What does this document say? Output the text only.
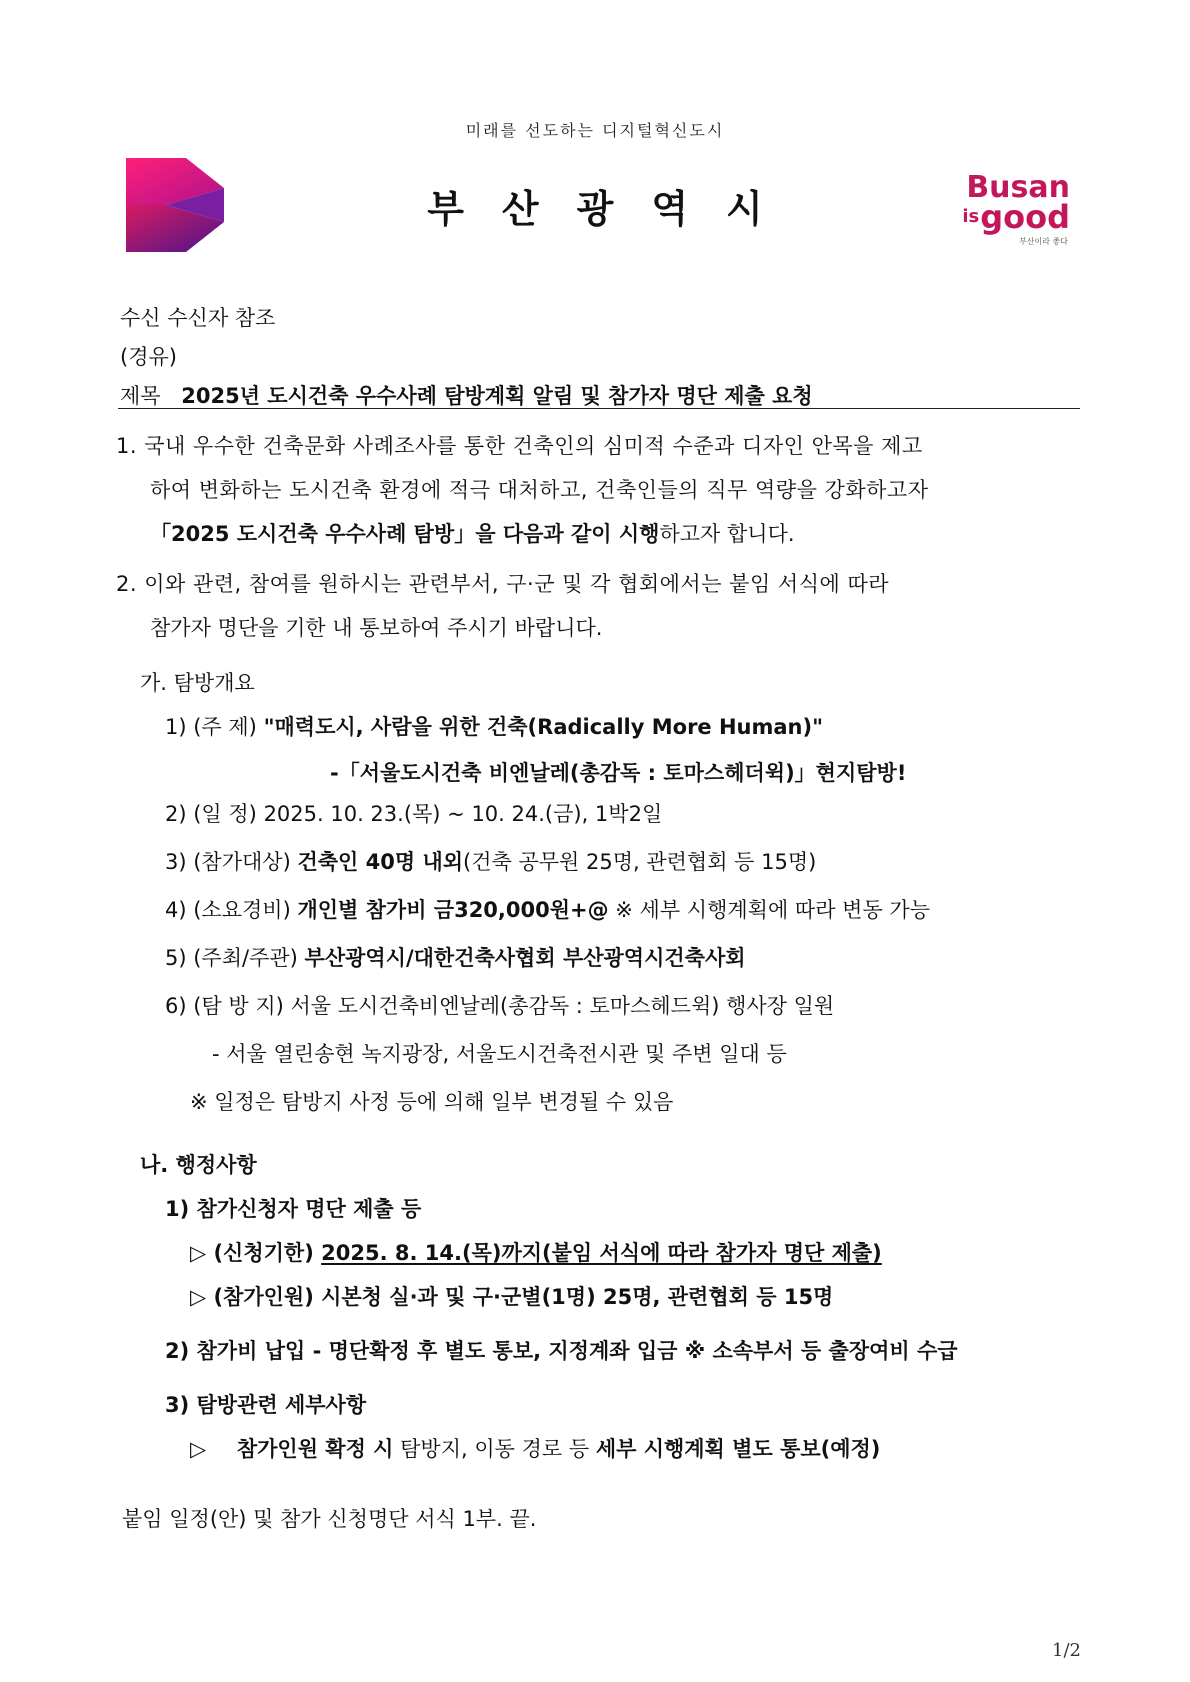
미래를 선도하는 디지털혁신도시
부산광역시	Busan
isgood
부산이라 좋다
수신 수신자 참조
(경유)
제목 2025년 도시건축 우수사례 탐방계획 알림 및 참가자 명단 제출 요청
1. 국내 우수한 건축문화 사례조사를 통한 건축인의 심미적 수준과 디자인 안목을 제고
하여 변화하는 도시건축 환경에 적극 대처하고, 건축인들의 직무 역량을 강화하고자
「2025 도시건축 우수사례 탐방」을 다음과 같이 시행하고자 합니다.
2. 이와 관련, 참여를 원하시는 관련부서, 구·군 및 각 협회에서는 붙임 서식에 따라
참가자 명단을 기한 내 통보하여 주시기 바랍니다.
가. 탐방개요
1) (주 제) "매력도시, 사람을 위한 건축(Radically More Human)"
-「서울도시건축 비엔날레(총감독 : 토마스헤더윅)」현지탐방!
2) (일 정) 2025. 10. 23.(목) ~ 10. 24.(금), 1박2일
3) (참가대상) 건축인 40명 내외(건축 공무원 25명, 관련협회 등 15명)
4) (소요경비) 개인별 참가비 금320,000원+@ ※ 세부 시행계획에 따라 변동 가능
5) (주최/주관) 부산광역시/대한건축사협회 부산광역시건축사회
6) (탐 방 지) 서울 도시건축비엔날레(총감독 : 토마스헤드윅) 행사장 일원
- 서울 열린송현 녹지광장, 서울도시건축전시관 및 주변 일대 등
※ 일정은 탐방지 사정 등에 의해 일부 변경될 수 있음
나. 행정사항
1) 참가신청자 명단 제출 등
▷ (신청기한) 2025. 8. 14.(목)까지(붙임 서식에 따라 참가자 명단 제출)
▷ (참가인원) 시본청 실·과 및 구·군별(1명) 25명, 관련협회 등 15명
2) 참가비 납입 - 명단확정 후 별도 통보, 지정계좌 입금 ※ 소속부서 등 출장여비 수급
3) 탐방관련 세부사항
▷ 참가인원 확정 시 탐방지, 이동 경로 등 세부 시행계획 별도 통보(예정)
붙임 일정(안) 및 참가 신청명단 서식 1부. 끝.
1/2
